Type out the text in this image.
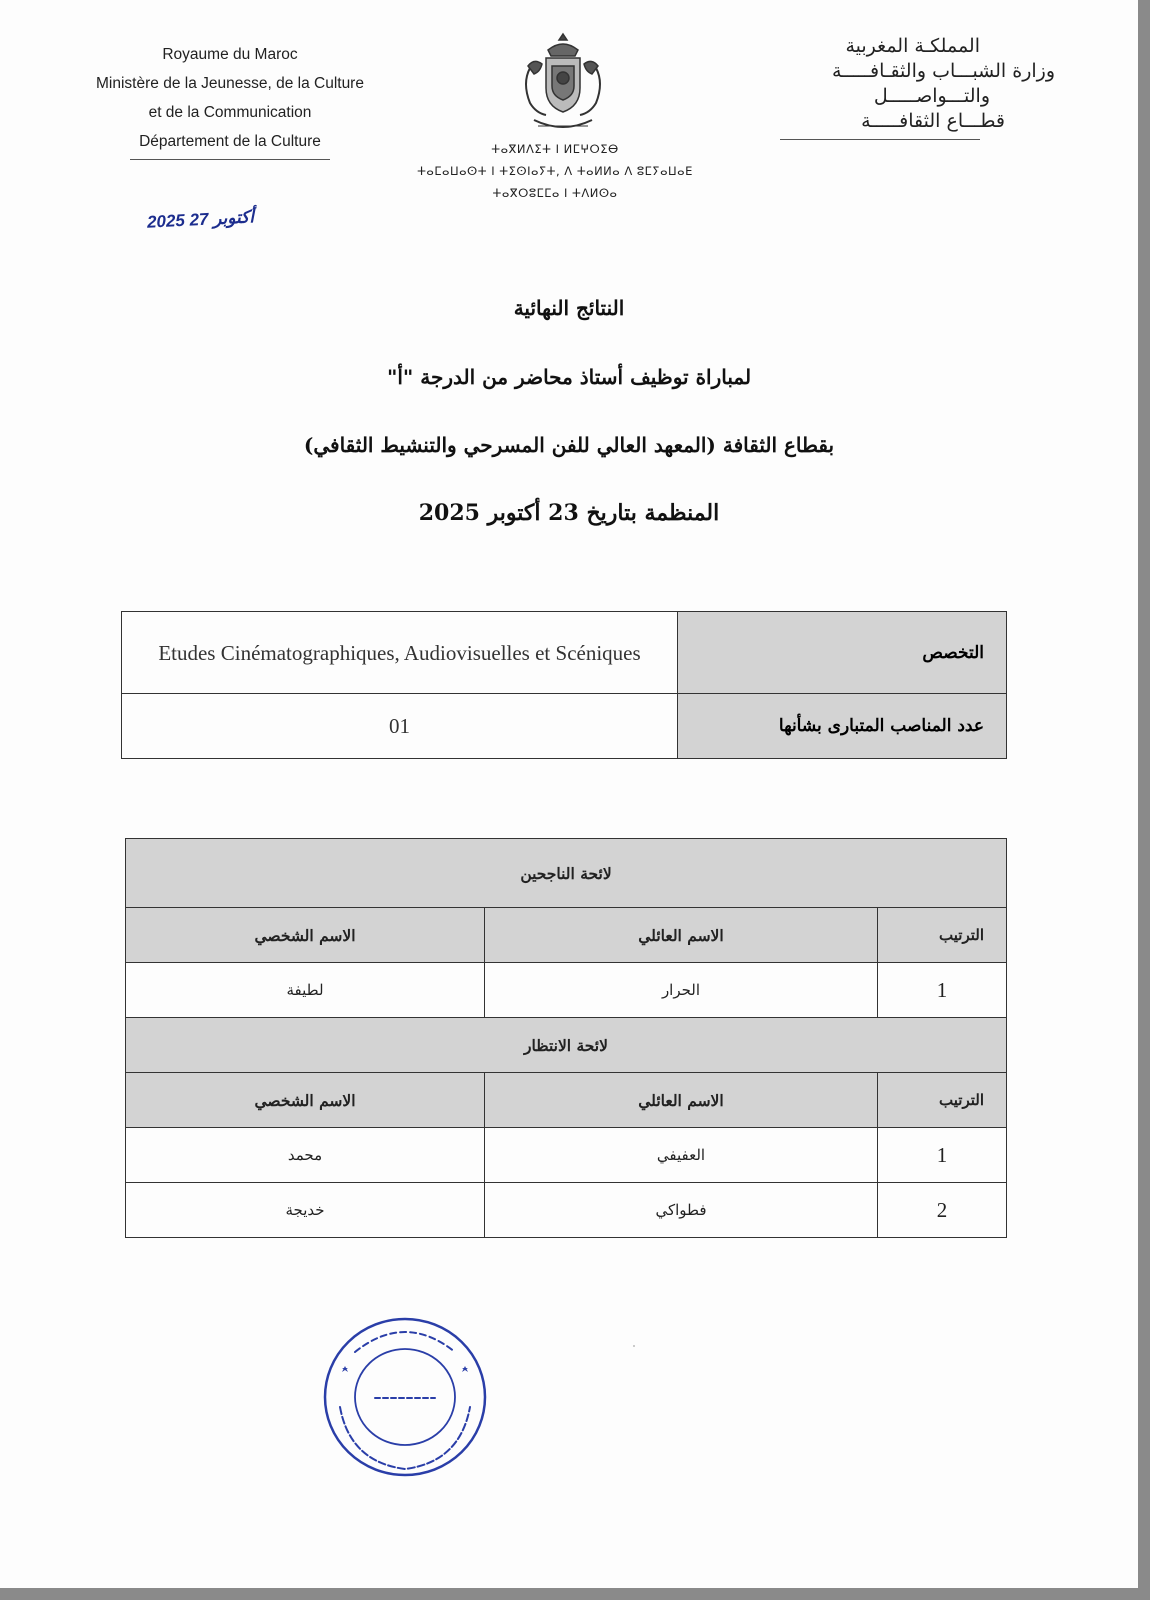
Royaume du Maroc
Ministère de la Jeunesse, de la Culture
et de la Communication
Département de la Culture	ⵜⴰⴳⵍⴷⵉⵜ ⵏ ⵍⵎⵖⵔⵉⴱ
ⵜⴰⵎⴰⵡⴰⵙⵜ ⵏ ⵜⵉⵙⵏⴰⵢⵜ, ⴷ ⵜⴰⵍⵍⴰ ⴷ ⵓⵎⵢⴰⵡⴰⴹ
ⵜⴰⴳⵔⵓⵎⵎⴰ ⵏ ⵜⴷⵍⵙⴰ
المملكـة المغربية
وزارة الشبـــاب والثقـافـــــة
والتـــواصـــــل
قطـــاع الثقافـــــة
2025 أكتوبر 27
النتائج النهائية
لمباراة توظيف أستاذ محاضر من الدرجة "أ"
بقطاع الثقافة (المعهد العالي للفن المسرحي والتنشيط الثقافي)
المنظمة بتاريخ 23 أكتوبر 2025
التخصص	Etudes Cinématographiques, Audiovisuelles et Scéniques
عدد المناصب المتبارى بشأنها	01
لائحة الناجحين		
الترتيب	الاسم العائلي	الاسم الشخصي
1	الحرار	لطيفة
لائحة الانتظار		
الترتيب	الاسم العائلي	الاسم الشخصي
1	العفيفي	محمد
2	فطواكي	خديجة
